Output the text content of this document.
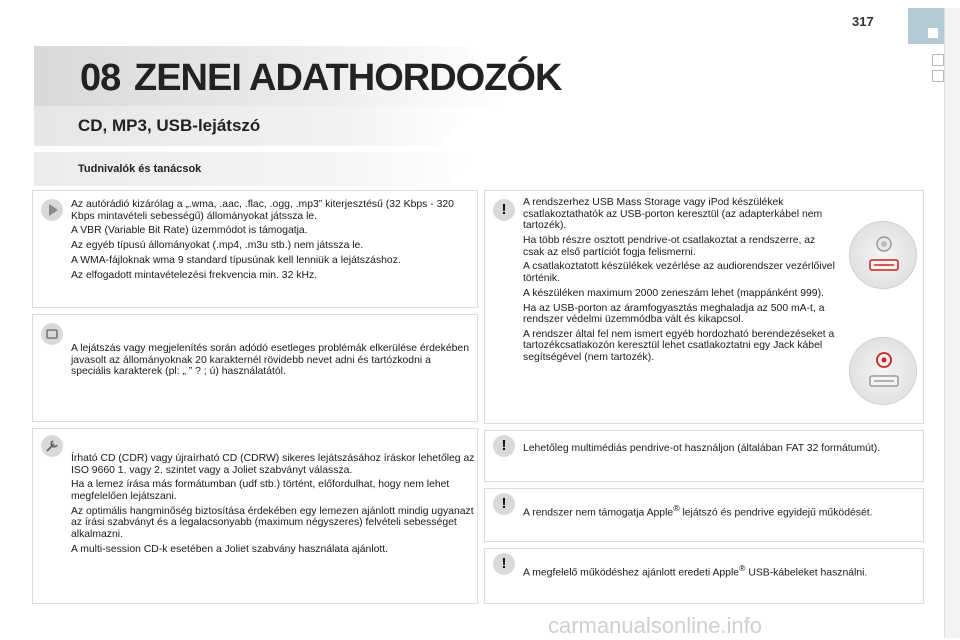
317
08 ZENEI ADATHORDOZÓK
CD, MP3, USB-lejátszó
Tudnivalók és tanácsok

Az autórádió kizárólag a „.wma, .aac, .flac, .ogg, .mp3” kiterjesztésű (32 Kbps - 320 Kbps mintavételi sebességű) állományokat játssza le.

A VBR (Variable Bit Rate) üzemmódot is támogatja.

Az egyéb típusú állományokat (.mp4, .m3u stb.) nem játssza le.

A WMA-fájloknak wma 9 standard típusúnak kell lenniük a lejátszáshoz.

Az elfogadott mintavételezési frekvencia min. 32 kHz.

A lejátszás vagy megjelenítés során adódó esetleges problémák elkerülése érdekében javasolt az állományoknak 20 karakternél rövidebb nevet adni és tartózkodni a speciális karakterek (pl: „ ” ? ; ú) használatától.

Írható CD (CDR) vagy újraírható CD (CDRW) sikeres lejátszásához íráskor lehetőleg az ISO 9660 1. vagy 2. szintet vagy a Joliet szabványt válassza.

Ha a lemez írása más formátumban (udf stb.) történt, előfordulhat, hogy nem lehet megfelelően lejátszani.

Az optimális hangminőség biztosítása érdekében egy lemezen ajánlott mindig ugyanazt az írási szabványt és a legalacsonyabb (maximum négyszeres) felvételi sebességet alkalmazni.

A multi-session CD-k esetében a Joliet szabvány használata ajánlott.

!

A rendszerhez USB Mass Storage vagy iPod készülékek csatlakoztathatók az USB-porton keresztül (az adapterkábel nem tartozék).

Ha több részre osztott pendrive-ot csatlakoztat a rendszerre, az csak az első partíciót fogja felismerni.

A csatlakoztatott készülékek vezérlése az audiorendszer vezérlőivel történik.

A készüléken maximum 2000 zeneszám lehet (mappánként 999).

Ha az USB-porton az áramfogyasztás meghaladja az 500 mA-t, a rendszer védelmi üzemmódba vált és kikapcsol.

A rendszer által fel nem ismert egyéb hordozható berendezéseket a tartozékcsatlakozón keresztül lehet csatlakoztatni egy Jack kábel segítségével (nem tartozék).

!

Lehetőleg multimédiás pendrive-ot használjon (általában FAT 32 formátumút).

!

A rendszer nem támogatja Apple® lejátszó és pendrive egyidejű működését.

!

A megfelelő működéshez ajánlott eredeti Apple® USB-kábeleket használni.

carmanualsonline.info
